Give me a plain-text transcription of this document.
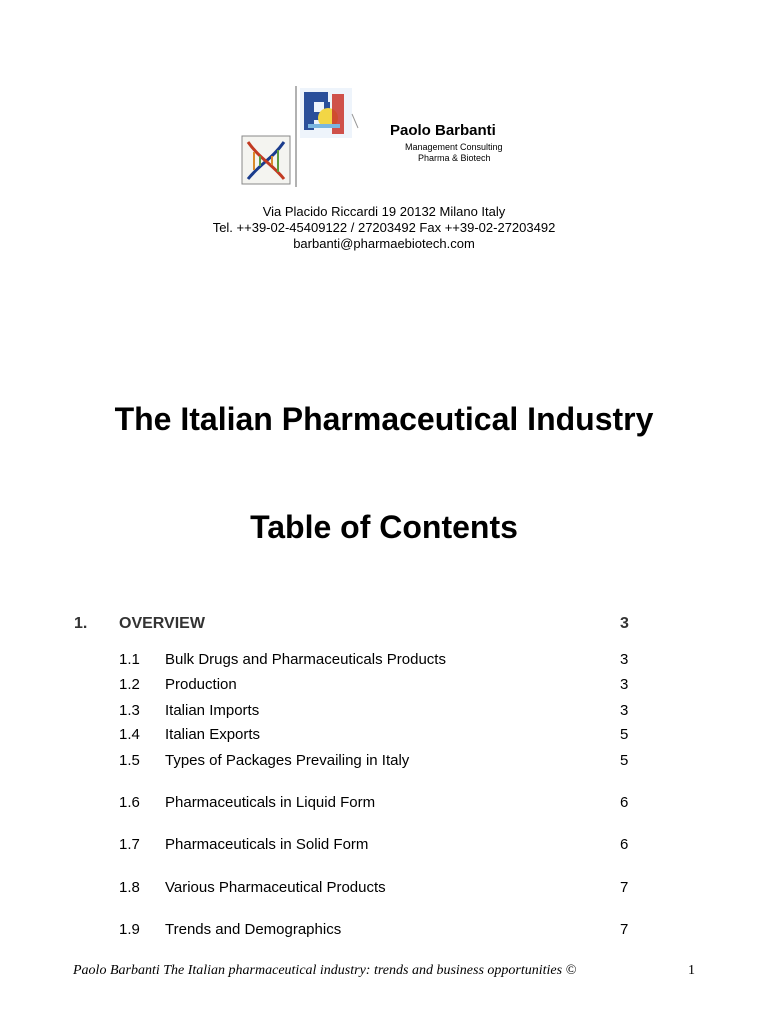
Paolo Barbanti
Management Consulting
Pharma & Biotech
Via Placido Riccardi 19 20132 Milano Italy
Tel. ++39-02-45409122 / 27203492 Fax ++39-02-27203492
barbanti@pharmaebiotech.com
The Italian Pharmaceutical Industry
Table of Contents
1. OVERVIEW	3
1.1 Bulk Drugs and Pharmaceuticals Products	3
1.2 Production	3
1.3 Italian Imports	3
1.4 Italian Exports	5
1.5 Types of Packages Prevailing in Italy	5
1.6 Pharmaceuticals in Liquid Form	6
1.7 Pharmaceuticals in Solid Form	6
1.8 Various Pharmaceutical Products	7
1.9 Trends and Demographics	7
Paolo Barbanti The Italian pharmaceutical industry: trends and business opportunities ©	1
